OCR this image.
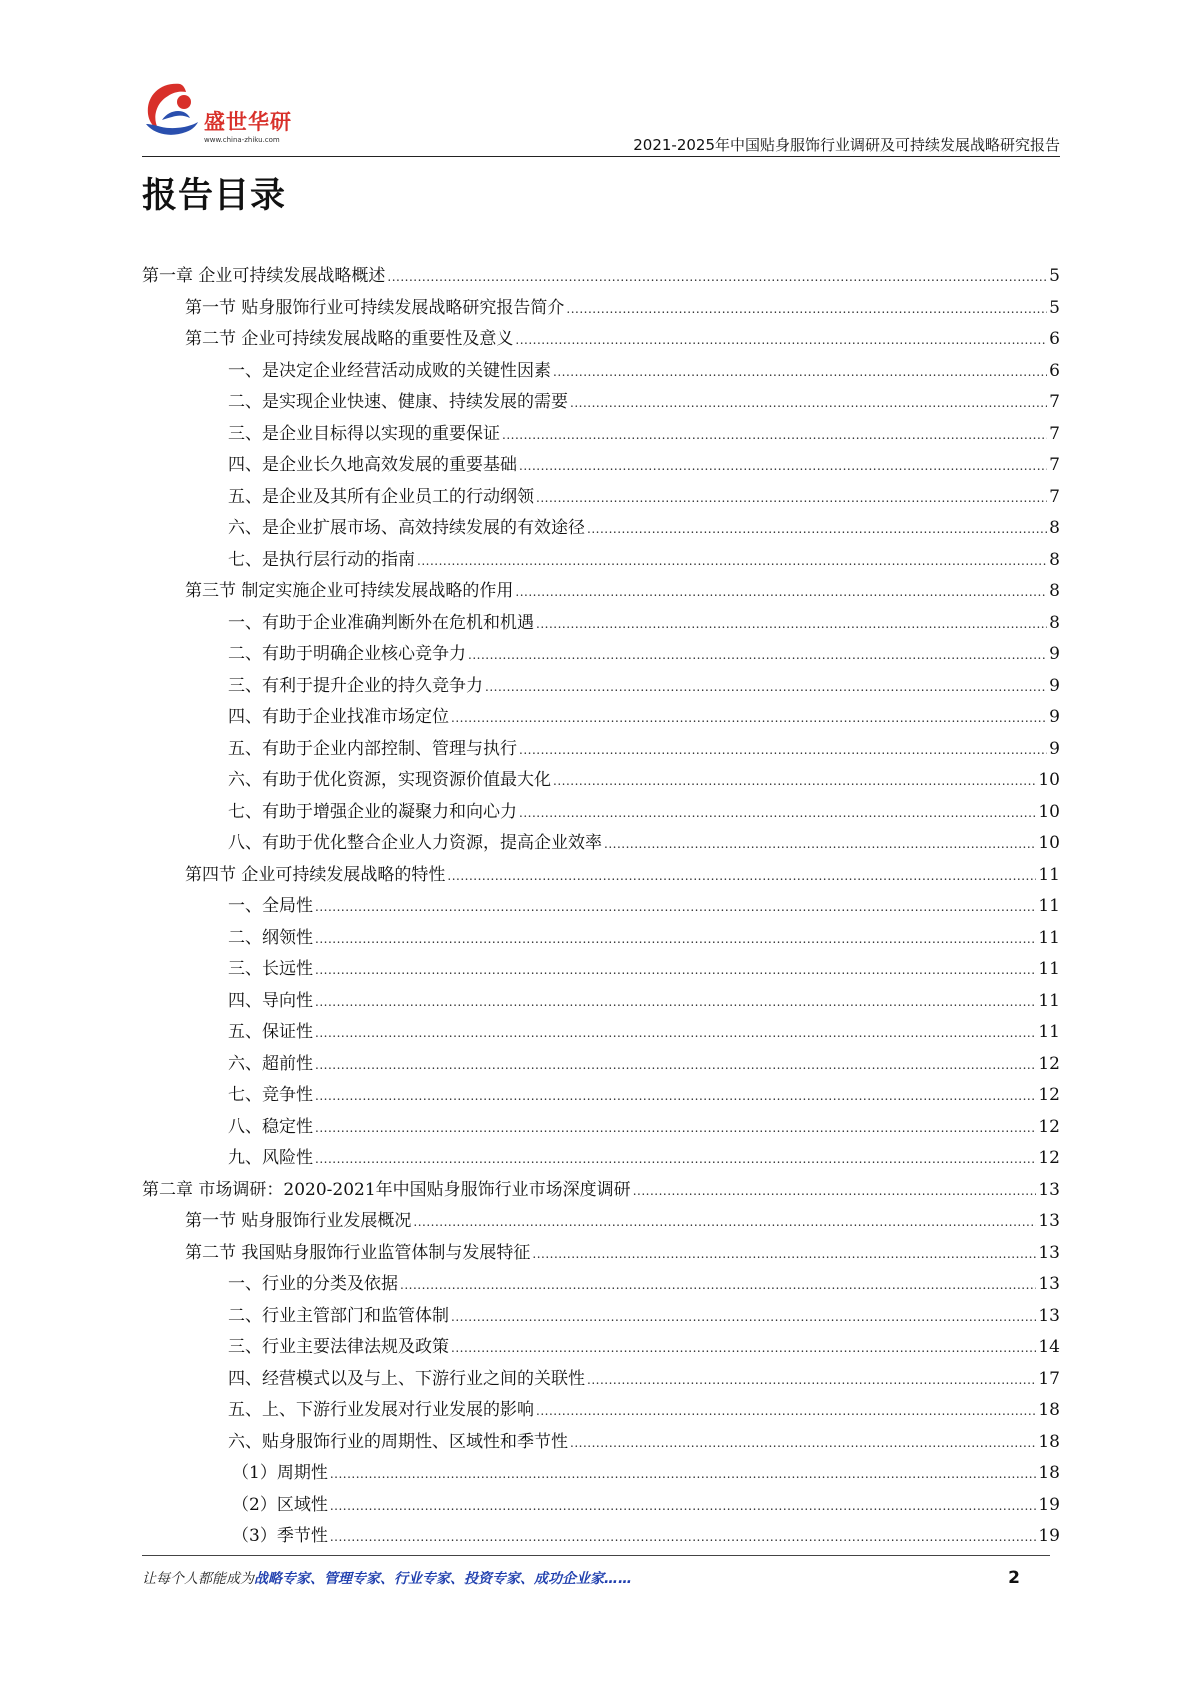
盛世华研
www.china-zhiku.com	2021-2025年中国贴身服饰行业调研及可持续发展战略研究报告
报告目录
第一章 企业可持续发展战略概述 .....	5
第一节 贴身服饰行业可持续发展战略研究报告简介 .....	5
第二节 企业可持续发展战略的重要性及意义 .....	6
一、是决定企业经营活动成败的关键性因素 .....	6
二、是实现企业快速、健康、持续发展的需要 .....	7
三、是企业目标得以实现的重要保证 .....	7
四、是企业长久地高效发展的重要基础 .....	7
五、是企业及其所有企业员工的行动纲领 .....	7
六、是企业扩展市场、高效持续发展的有效途径 .....	8
七、是执行层行动的指南 .....	8
第三节 制定实施企业可持续发展战略的作用 .....	8
一、有助于企业准确判断外在危机和机遇 .....	8
二、有助于明确企业核心竞争力 .....	9
三、有利于提升企业的持久竞争力 .....	9
四、有助于企业找准市场定位 .....	9
五、有助于企业内部控制、管理与执行 .....	9
六、有助于优化资源，实现资源价值最大化 .....	10
七、有助于增强企业的凝聚力和向心力 .....	10
八、有助于优化整合企业人力资源，提高企业效率 .....	10
第四节 企业可持续发展战略的特性 .....	11
一、全局性 .....	11
二、纲领性 .....	11
三、长远性 .....	11
四、导向性 .....	11
五、保证性 .....	11
六、超前性 .....	12
七、竞争性 .....	12
八、稳定性 .....	12
九、风险性 .....	12
第二章 市场调研：2020-2021年中国贴身服饰行业市场深度调研 .....	13
第一节 贴身服饰行业发展概况 .....	13
第二节 我国贴身服饰行业监管体制与发展特征 .....	13
一、行业的分类及依据 .....	13
二、行业主管部门和监管体制 .....	13
三、行业主要法律法规及政策 .....	14
四、经营模式以及与上、下游行业之间的关联性 .....	17
五、上、下游行业发展对行业发展的影响 .....	18
六、贴身服饰行业的周期性、区域性和季节性 .....	18
（1）周期性 .....	18
（2）区域性 .....	19
（3）季节性 .....	19
让每个人都能成为战略专家、管理专家、行业专家、投资专家、成功企业家……	2
